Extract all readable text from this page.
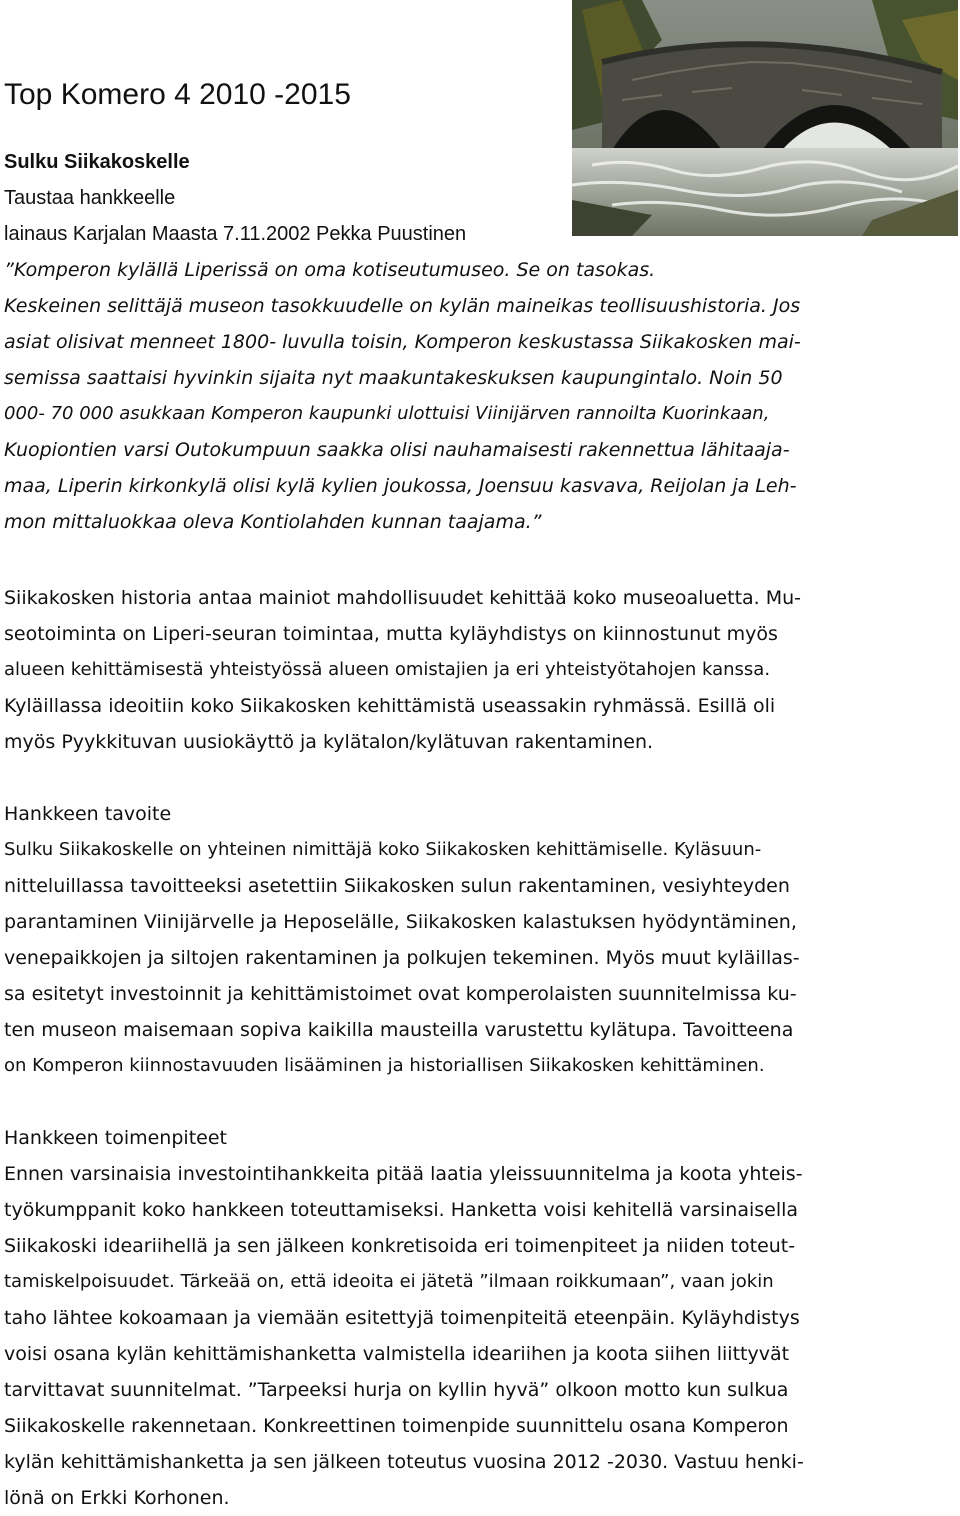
Top Komero 4 2010 -2015
Sulku Siikakoskelle
Taustaa hankkeelle
lainaus Karjalan Maasta 7.11.2002 Pekka Puustinen
”Komperon kylällä Liperissä on oma kotiseutumuseo. Se on tasokas.
Keskeinen selittäjä museon tasokkuudelle on kylän maineikas teollisuushistoria. Jos
asiat olisivat menneet 1800- luvulla toisin, Komperon keskustassa Siikakosken mai-
semissa saattaisi hyvinkin sijaita nyt maakuntakeskuksen kaupungintalo. Noin 50
000- 70 000 asukkaan Komperon kaupunki ulottuisi Viinijärven rannoilta Kuorinkaan,
Kuopiontien varsi Outokumpuun saakka olisi nauhamaisesti rakennettua lähitaaja-
maa, Liperin kirkonkylä olisi kylä kylien joukossa, Joensuu kasvava, Reijolan ja Leh-
mon mittaluokkaa oleva Kontiolahden kunnan taajama.”
Siikakosken historia antaa mainiot mahdollisuudet kehittää koko museoaluetta. Mu-
seotoiminta on Liperi-seuran toimintaa, mutta kyläyhdistys on kiinnostunut myös
alueen kehittämisestä yhteistyössä alueen omistajien ja eri yhteistyötahojen kanssa.
Kyläillassa ideoitiin koko Siikakosken kehittämistä useassakin ryhmässä. Esillä oli
myös Pyykkituvan uusiokäyttö ja kylätalon/kylätuvan rakentaminen.
Hankkeen tavoite
Sulku Siikakoskelle on yhteinen nimittäjä koko Siikakosken kehittämiselle. Kyläsuun-
nitteluillassa tavoitteeksi asetettiin Siikakosken sulun rakentaminen, vesiyhteyden
parantaminen Viinijärvelle ja Heposelälle, Siikakosken kalastuksen hyödyntäminen,
venepaikkojen ja siltojen rakentaminen ja polkujen tekeminen. Myös muut kyläillas-
sa esitetyt investoinnit ja kehittämistoimet ovat komperolaisten suunnitelmissa ku-
ten museon maisemaan sopiva kaikilla mausteilla varustettu kylätupa. Tavoitteena
on Komperon kiinnostavuuden lisääminen ja historiallisen Siikakosken kehittäminen.
Hankkeen toimenpiteet
Ennen varsinaisia investointihankkeita pitää laatia yleissuunnitelma ja koota yhteis-
työkumppanit koko hankkeen toteuttamiseksi. Hanketta voisi kehitellä varsinaisella
Siikakoski ideariihellä ja sen jälkeen konkretisoida eri toimenpiteet ja niiden toteut-
tamiskelpoisuudet. Tärkeää on, että ideoita ei jätetä ”ilmaan roikkumaan”, vaan jokin
taho lähtee kokoamaan ja viemään esitettyjä toimenpiteitä eteenpäin. Kyläyhdistys
voisi osana kylän kehittämishanketta valmistella ideariihen ja koota siihen liittyvät
tarvittavat suunnitelmat. ”Tarpeeksi hurja on kyllin hyvä” olkoon motto kun sulkua
Siikakoskelle rakennetaan. Konkreettinen toimenpide suunnittelu osana Komperon
kylän kehittämishanketta ja sen jälkeen toteutus vuosina 2012 -2030. Vastuu henki-
lönä on Erkki Korhonen.
